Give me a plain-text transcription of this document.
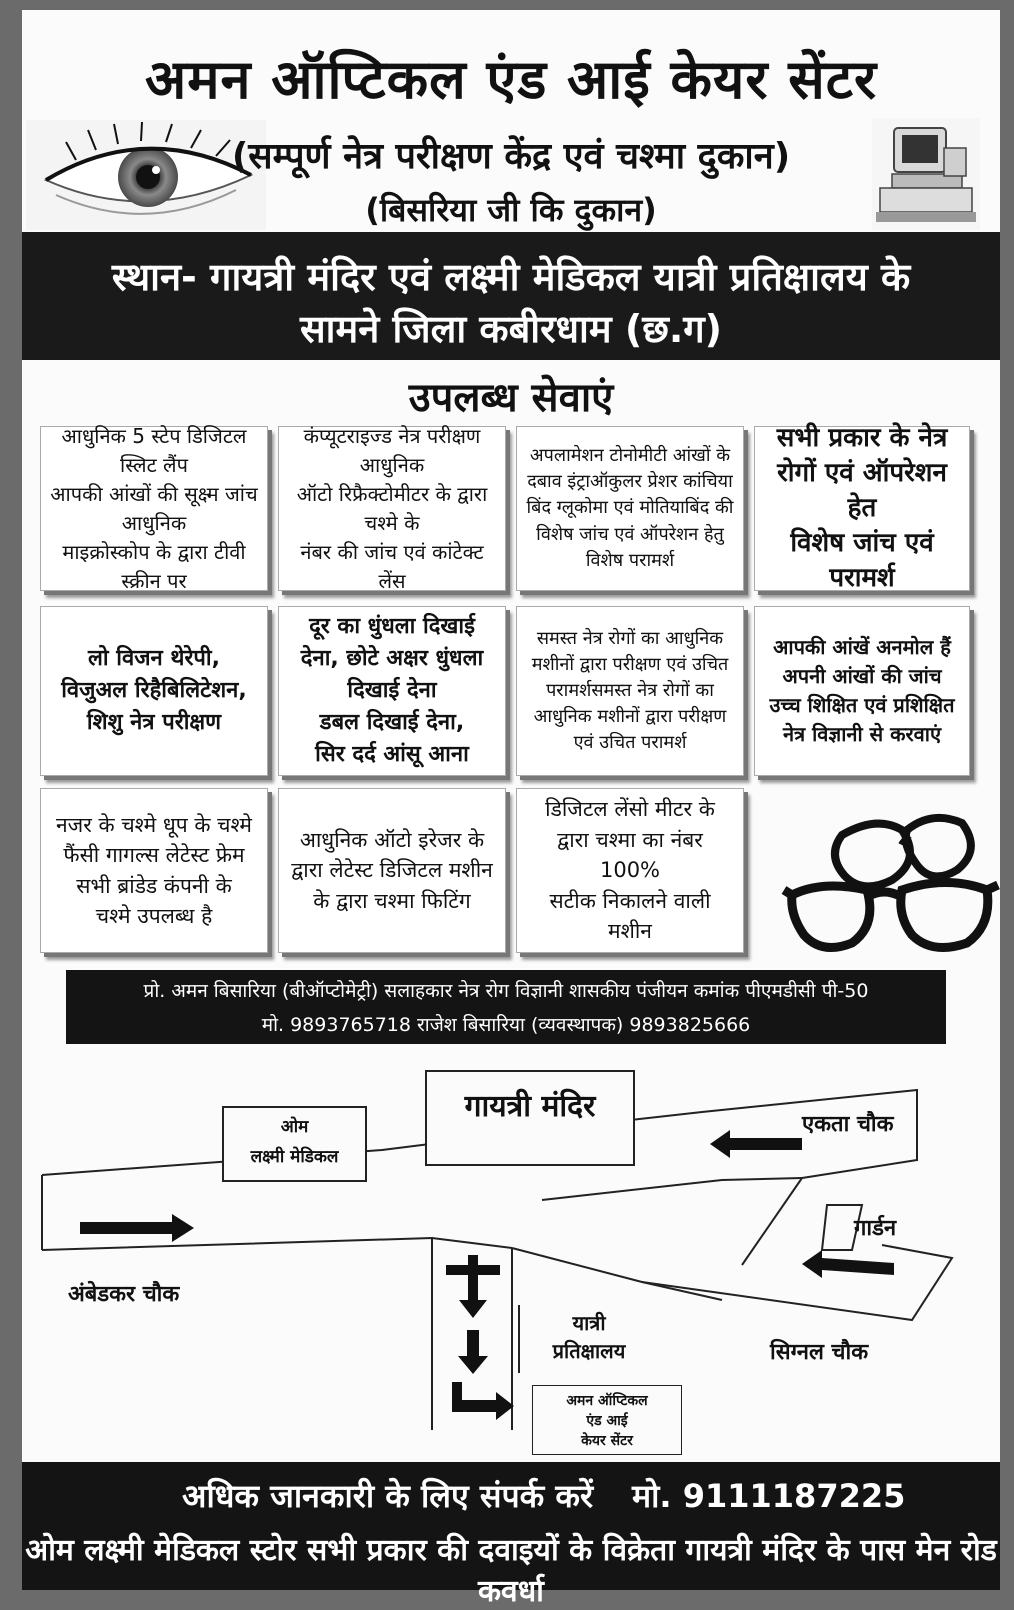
अमन ऑप्टिकल एंड आई केयर सेंटर
(सम्पूर्ण नेत्र परीक्षण केंद्र एवं चश्मा दुकान)
(बिसरिया जी कि दुकान)
स्थान- गायत्री मंदिर एवं लक्ष्मी मेडिकल यात्री प्रतिक्षालय के
सामने जिला कबीरधाम (छ.ग)
उपलब्ध सेवाएं
आधुनिक 5 स्टेप डिजिटल स्लिट लैंप
आपकी आंखों की सूक्ष्म जांच आधुनिक
माइक्रोस्कोप के द्वारा टीवी स्क्रीन पर
कंप्यूटराइज्ड नेत्र परीक्षण आधुनिक
ऑटो रिफ्रैक्टोमीटर के द्वारा चश्मे के
नंबर की जांच एवं कांटेक्ट लेंस
अपलामेशन टोनोमीटी आंखों के
दबाव इंट्राऑकुलर प्रेशर कांचिया
बिंद ग्लूकोमा एवं मोतियाबिंद की
विशेष जांच एवं ऑपरेशन हेतु
विशेष परामर्श
सभी प्रकार के नेत्र
रोगों एवं ऑपरेशन हेत
विशेष जांच एवं परामर्श
लो विजन थेरेपी,
विजुअल रिहैबिलिटेशन,
शिशु नेत्र परीक्षण
दूर का धुंधला दिखाई
देना, छोटे अक्षर धुंधला
दिखाई देना
डबल दिखाई देना,
सिर दर्द आंसू आना
समस्त नेत्र रोगों का आधुनिक
मशीनों द्वारा परीक्षण एवं उचित
परामर्शसमस्त नेत्र रोगों का
आधुनिक मशीनों द्वारा परीक्षण
एवं उचित परामर्श
आपकी आंखें अनमोल हैं
अपनी आंखों की जांच
उच्च शिक्षित एवं प्रशिक्षित
नेत्र विज्ञानी से करवाएं
नजर के चश्मे धूप के चश्मे
फैंसी गागल्स लेटेस्ट फ्रेम
सभी ब्रांडेड कंपनी के
चश्मे उपलब्ध है
आधुनिक ऑटो इरेजर के
द्वारा लेटेस्ट डिजिटल मशीन
के द्वारा चश्मा फिटिंग
डिजिटल लेंसो मीटर के
द्वारा चश्मा का नंबर 100%
सटीक निकालने वाली मशीन
प्रो. अमन बिसारिया (बीऑप्टोमेट्री) सलाहकार नेत्र रोग विज्ञानी शासकीय पंजीयन कमांक पीएमडीसी पी-50
मो. 9893765718 राजेश बिसारिया (व्यवस्थापक) 9893825666
गायत्री मंदिर
ओम
लक्ष्मी मेडिकल
एकता चौक
गार्डन
अंबेडकर चौक
सिग्नल चौक
यात्री
प्रतिक्षालय
अमन ऑप्टिकल
एंड आई
केयर सेंटर
अधिक जानकारी के लिए संपर्क करें मो. 9111187225
ओम लक्ष्मी मेडिकल स्टोर सभी प्रकार की दवाइयों के विक्रेता गायत्री मंदिर के पास मेन रोड कवर्धा
